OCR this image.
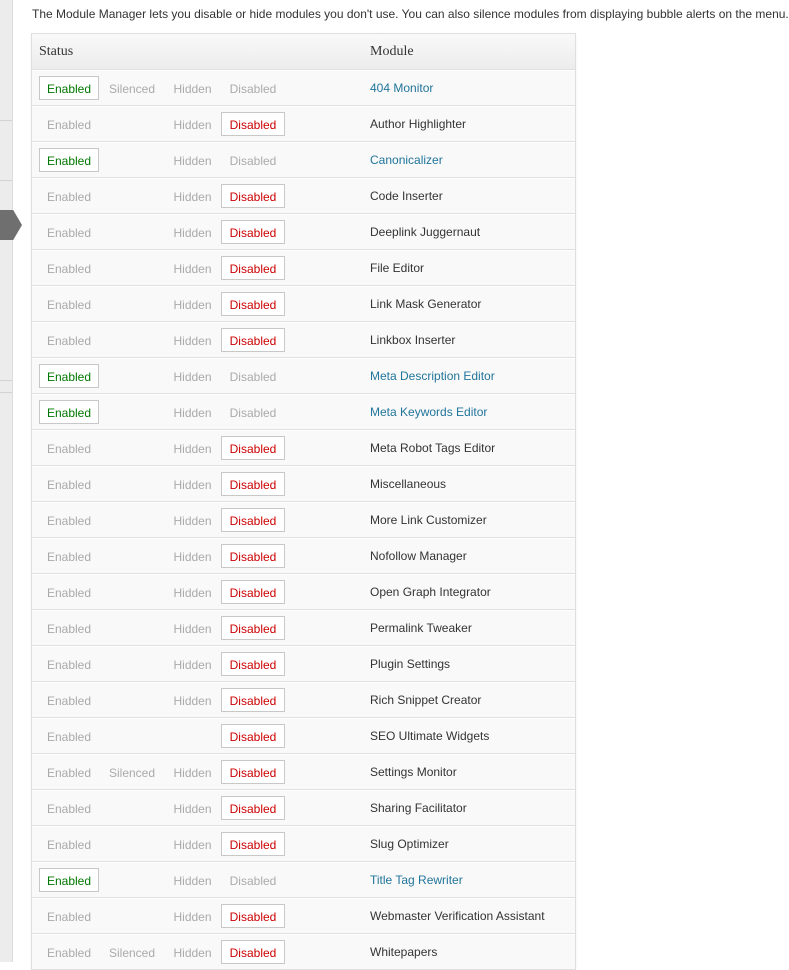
The Module Manager lets you disable or hide modules you don't use. You can also silence modules from displaying bubble alerts on the menu.
Status	Module
Enabled	Silenced	Hidden	Disabled	404 Monitor
Enabled	Hidden	Disabled	Author Highlighter
Enabled	Hidden	Disabled	Canonicalizer
Enabled	Hidden	Disabled	Code Inserter
Enabled	Hidden	Disabled	Deeplink Juggernaut
Enabled	Hidden	Disabled	File Editor
Enabled	Hidden	Disabled	Link Mask Generator
Enabled	Hidden	Disabled	Linkbox Inserter
Enabled	Hidden	Disabled	Meta Description Editor
Enabled	Hidden	Disabled	Meta Keywords Editor
Enabled	Hidden	Disabled	Meta Robot Tags Editor
Enabled	Hidden	Disabled	Miscellaneous
Enabled	Hidden	Disabled	More Link Customizer
Enabled	Hidden	Disabled	Nofollow Manager
Enabled	Hidden	Disabled	Open Graph Integrator
Enabled	Hidden	Disabled	Permalink Tweaker
Enabled	Hidden	Disabled	Plugin Settings
Enabled	Hidden	Disabled	Rich Snippet Creator
Enabled	Disabled	SEO Ultimate Widgets
Enabled	Silenced	Hidden	Disabled	Settings Monitor
Enabled	Hidden	Disabled	Sharing Facilitator
Enabled	Hidden	Disabled	Slug Optimizer
Enabled	Hidden	Disabled	Title Tag Rewriter
Enabled	Hidden	Disabled	Webmaster Verification Assistant
Enabled	Silenced	Hidden	Disabled	Whitepapers
